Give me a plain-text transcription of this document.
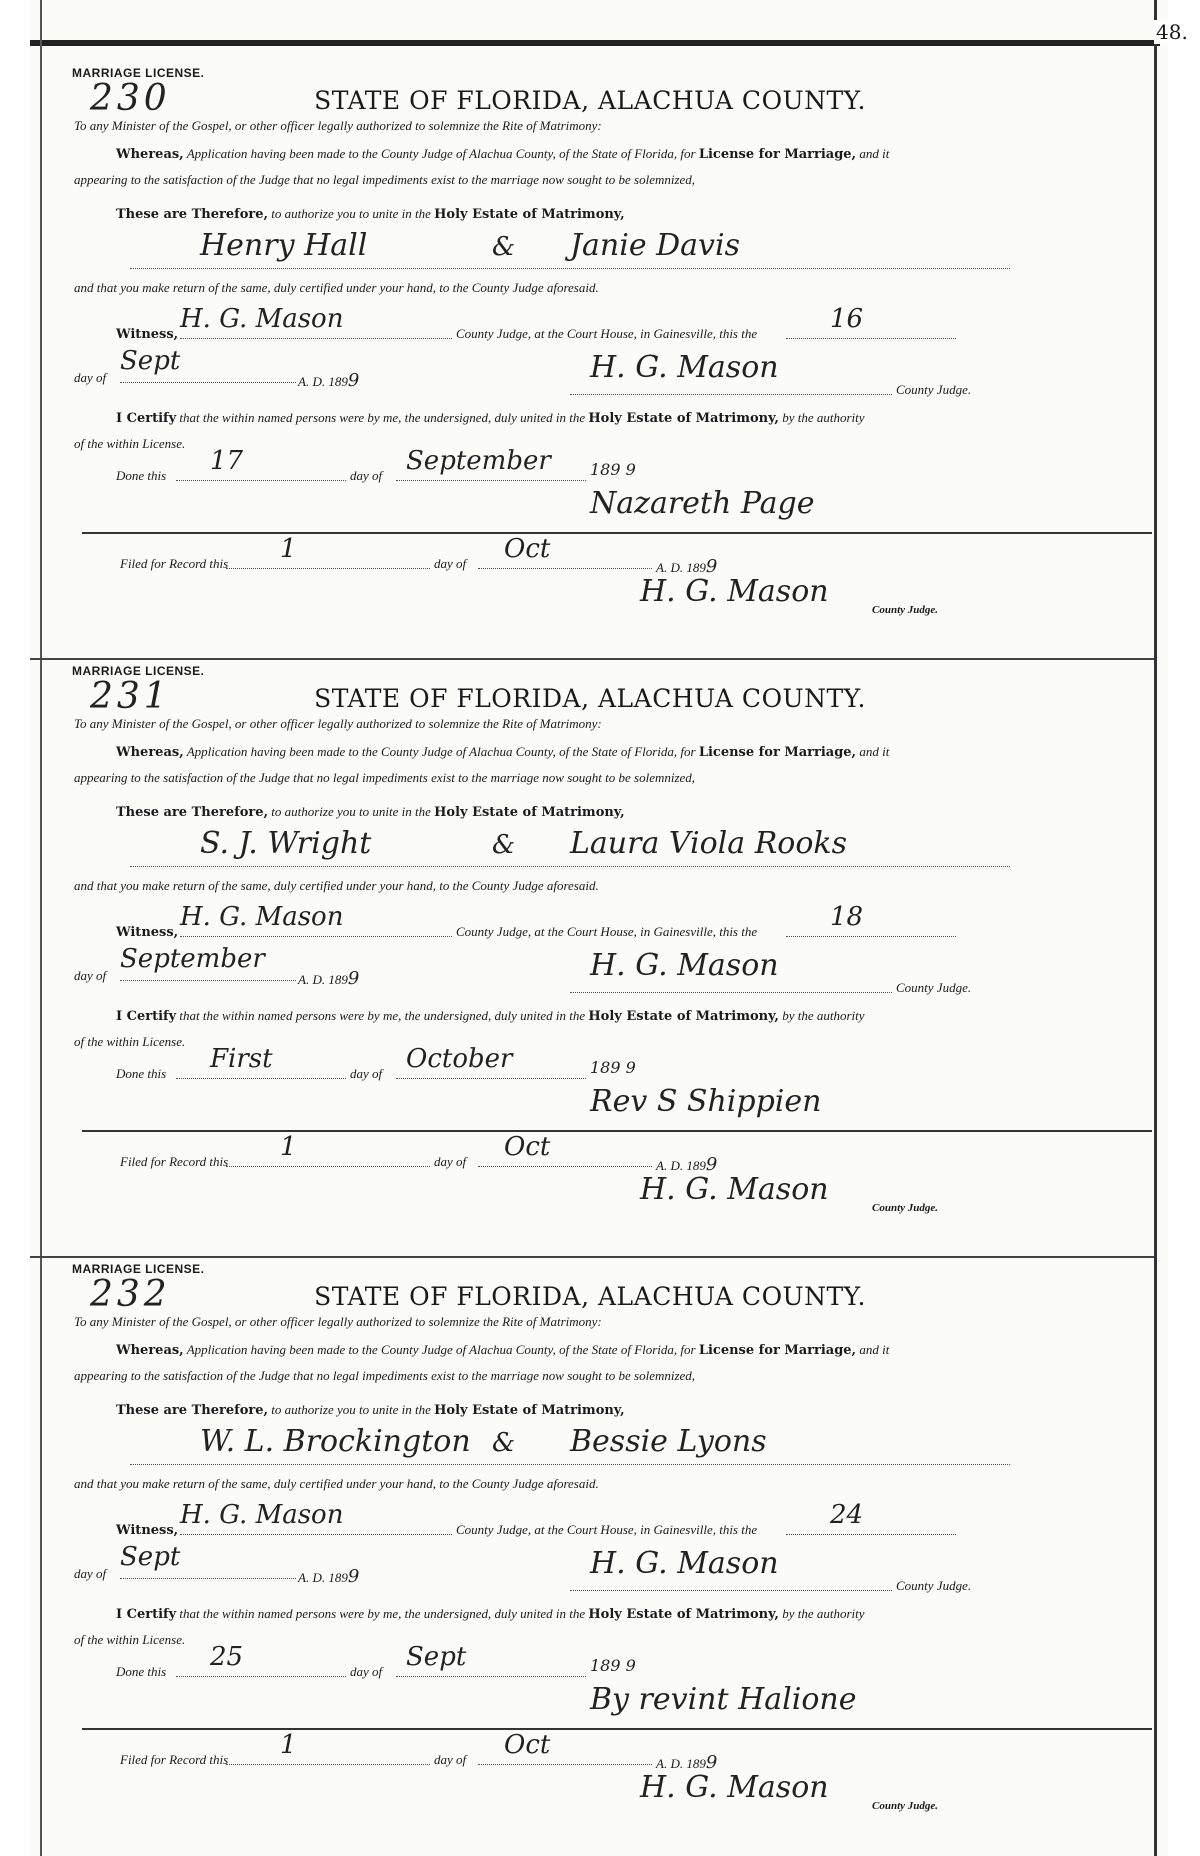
48.
MARRIAGE LICENSE.
230	STATE OF FLORIDA, ALACHUA COUNTY.
To any Minister of the Gospel, or other officer legally authorized to solemnize the Rite of Matrimony:
Whereas, Application having been made to the County Judge of Alachua County, of the State of Florida, for License for Marriage, and it
appearing to the satisfaction of the Judge that no legal impediments exist to the marriage now sought to be solemnized,
These are Therefore, to authorize you to unite in the Holy Estate of Matrimony,
Henry Hall	& Janie Davis
and that you make return of the same, duly certified under your hand, to the County Judge aforesaid.
Witness,
H. G. Mason	County Judge, at the Court House, in Gainesville, this the	16
day of
Sept
A. D. 1899	H. G. Mason
County Judge.
I Certify that the within named persons were by me, the undersigned, duly united in the Holy Estate of Matrimony, by the authority
of the within License.
Done this 17	day of September 189 9
Nazareth Page
Filed for Record this 1	day of Oct
A. D. 1899
H. G. Mason
County Judge.
MARRIAGE LICENSE.
231	STATE OF FLORIDA, ALACHUA COUNTY.
To any Minister of the Gospel, or other officer legally authorized to solemnize the Rite of Matrimony:
Whereas, Application having been made to the County Judge of Alachua County, of the State of Florida, for License for Marriage, and it
appearing to the satisfaction of the Judge that no legal impediments exist to the marriage now sought to be solemnized,
These are Therefore, to authorize you to unite in the Holy Estate of Matrimony,
S. J. Wright	& Laura Viola Rooks
and that you make return of the same, duly certified under your hand, to the County Judge aforesaid.
Witness,
H. G. Mason	County Judge, at the Court House, in Gainesville, this the	18
day of
September
A. D. 1899	H. G. Mason
County Judge.
I Certify that the within named persons were by me, the undersigned, duly united in the Holy Estate of Matrimony, by the authority
of the within License.
Done this First	day of October	189 9
Rev S Shippien
Filed for Record this 1	day of Oct
A. D. 1899
H. G. Mason
County Judge.
MARRIAGE LICENSE.
232	STATE OF FLORIDA, ALACHUA COUNTY.
To any Minister of the Gospel, or other officer legally authorized to solemnize the Rite of Matrimony:
Whereas, Application having been made to the County Judge of Alachua County, of the State of Florida, for License for Marriage, and it
appearing to the satisfaction of the Judge that no legal impediments exist to the marriage now sought to be solemnized,
These are Therefore, to authorize you to unite in the Holy Estate of Matrimony,
W. L. Brockington & Bessie Lyons
and that you make return of the same, duly certified under your hand, to the County Judge aforesaid.
Witness,
H. G. Mason	County Judge, at the Court House, in Gainesville, this the	24
day of
Sept
A. D. 1899	H. G. Mason
County Judge.
I Certify that the within named persons were by me, the undersigned, duly united in the Holy Estate of Matrimony, by the authority
of the within License.
Done this 25	day of Sept	189 9
By revint Halione
Filed for Record this 1	day of Oct
A. D. 1899
H. G. Mason
County Judge.
